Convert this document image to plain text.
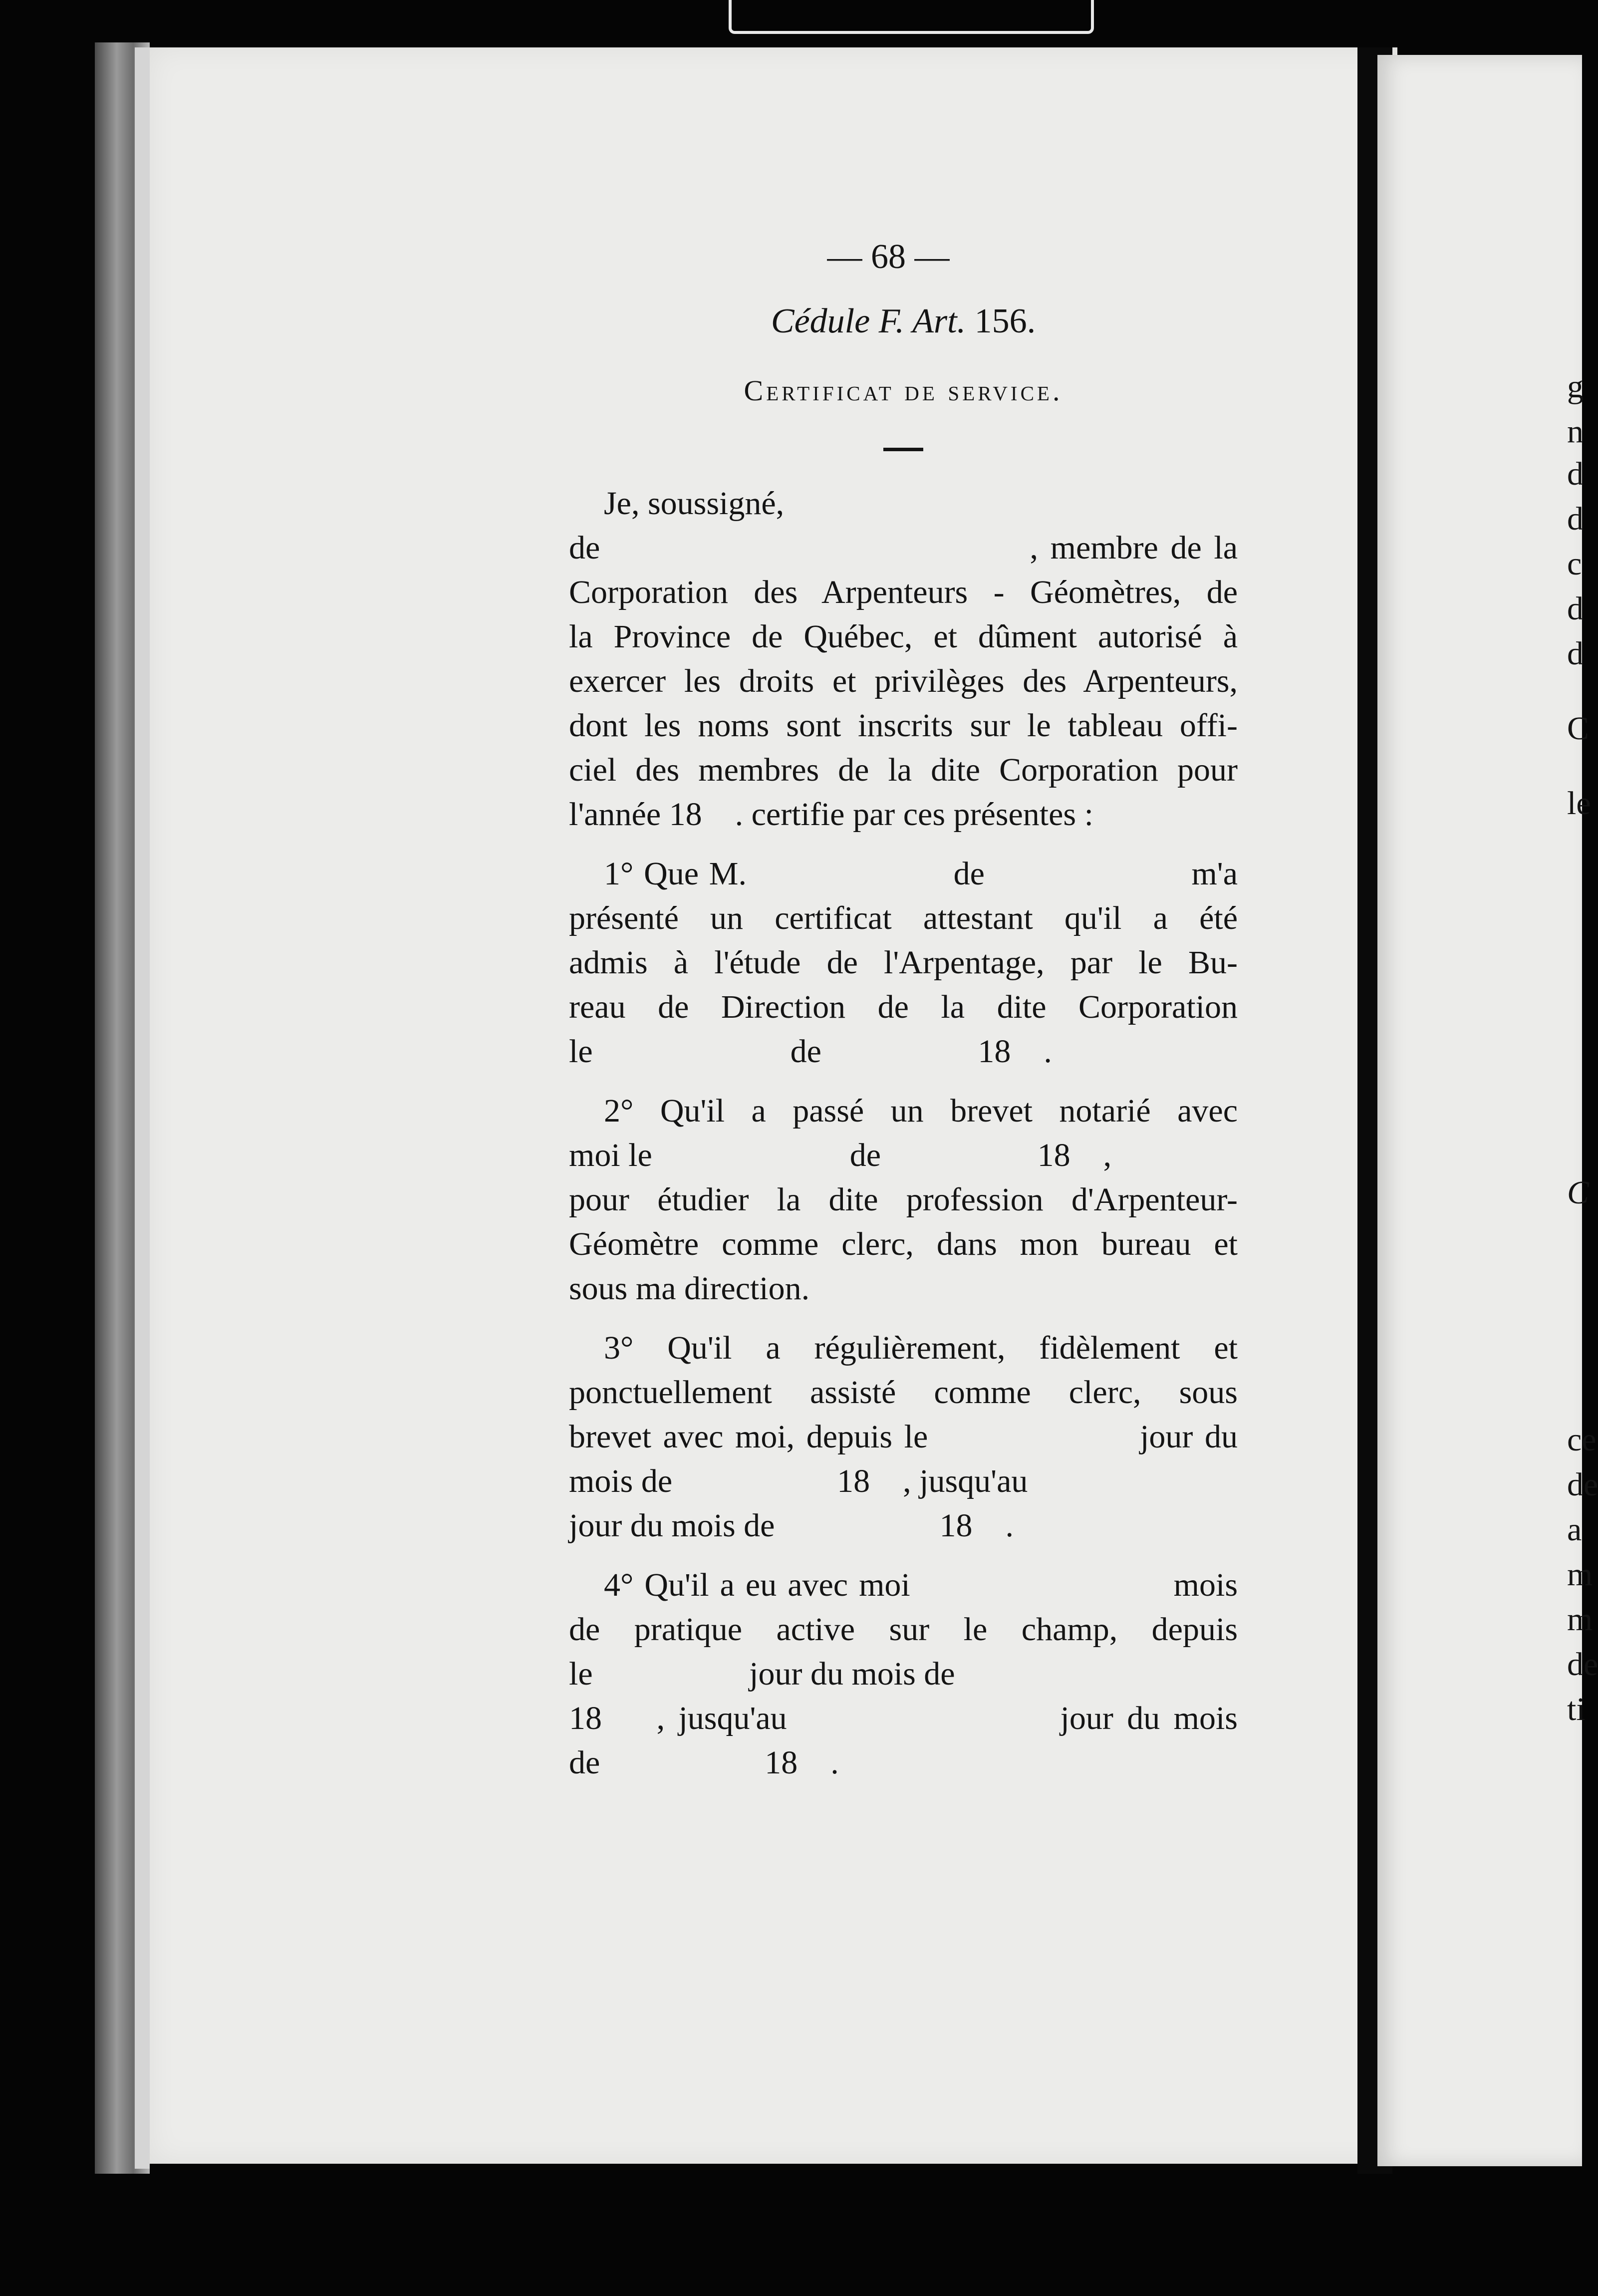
— 68 —
Cédule F. Art. 156.
Certificat de service.

Je, soussigné,

de                                   , membre de la

Corporation des Arpenteurs - Géomètres, de

la Province de Québec, et dûment autorisé à

exercer les droits et privilèges des Arpenteurs,

dont les noms sont inscrits sur le tableau offi-

ciel des membres de la dite Corporation pour

l'année 18    . certifie par ces présentes :

1° Que M.                    de                    m'a

présenté un certificat attestant qu'il a été

admis à l'étude de l'Arpentage, par le Bu-

reau de Direction de la dite Corporation

le                        de                   18    .

2° Qu'il a passé un brevet notarié avec

moi le                        de                   18    ,

pour étudier la dite profession d'Arpenteur-

Géomètre comme clerc, dans mon bureau et

sous ma direction.

3° Qu'il a régulièrement, fidèlement et

ponctuellement assisté comme clerc, sous

brevet avec moi, depuis le                  jour du

mois de                    18    , jusqu'au

jour du mois de                    18    .

4° Qu'il a eu avec moi                        mois

de pratique active sur le champ, depuis

le                   jour du mois de

18    , jusqu'au                    jour du mois

de                    18    .

g
n
d
d
c
d
d
C
le
C
ce
de
a
m
m
de
ti
